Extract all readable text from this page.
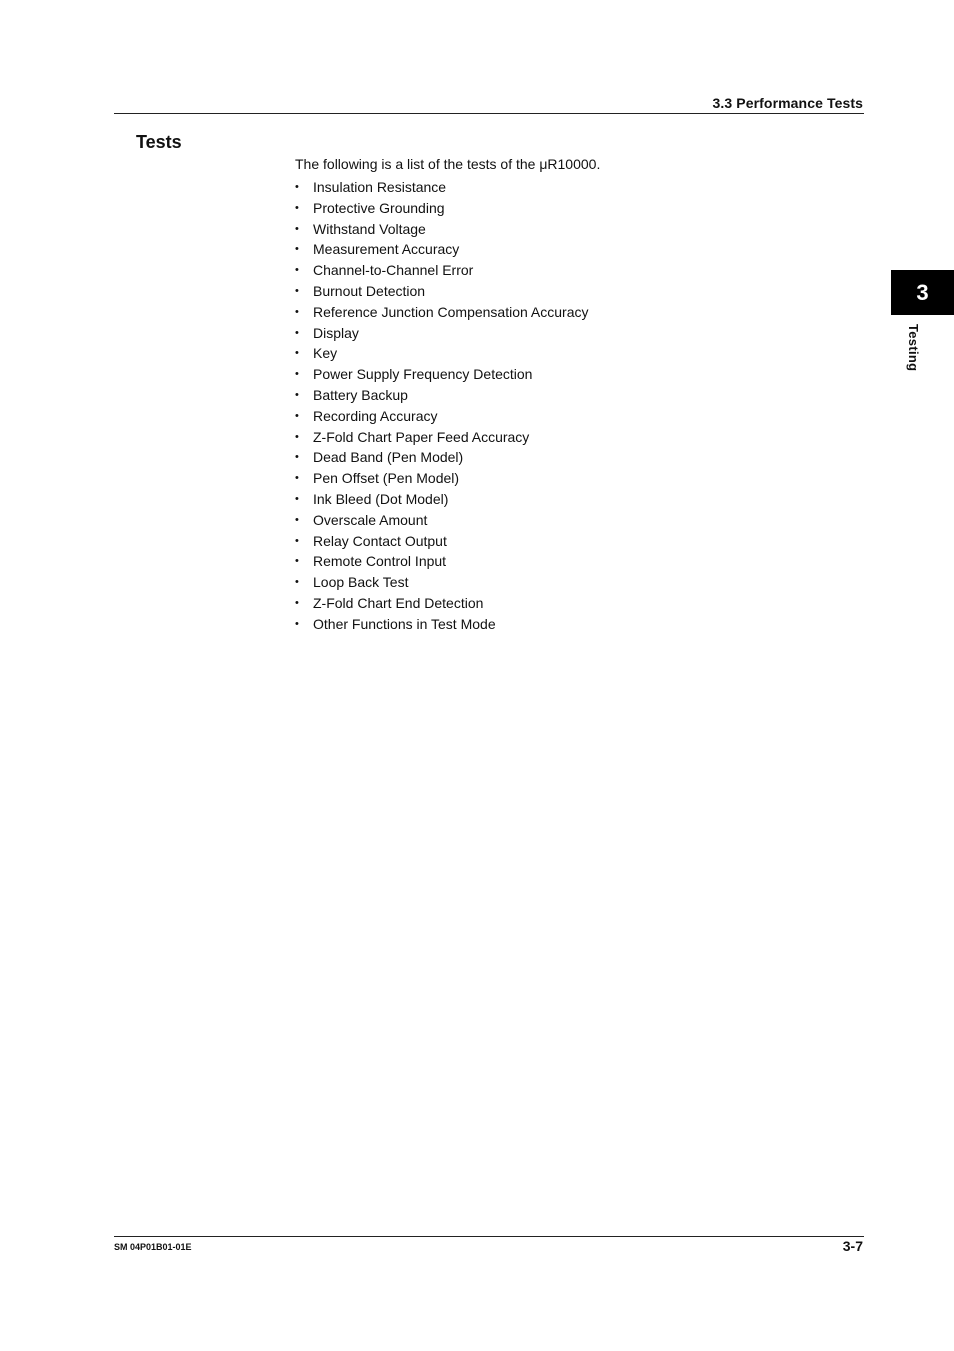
3.3 Performance Tests
Tests
The following is a list of the tests of the μR10000.
• Insulation Resistance
• Protective Grounding
• Withstand Voltage
• Measurement Accuracy
• Channel-to-Channel Error
• Burnout Detection
• Reference Junction Compensation Accuracy
• Display
• Key
• Power Supply Frequency Detection
• Battery Backup
• Recording Accuracy
• Z-Fold Chart Paper Feed Accuracy
• Dead Band (Pen Model)
• Pen Offset (Pen Model)
• Ink Bleed (Dot Model)
• Overscale Amount
• Relay Contact Output
• Remote Control Input
• Loop Back Test
• Z-Fold Chart End Detection
• Other Functions in Test Mode
3
Testing
SM 04P01B01-01E	3-7
